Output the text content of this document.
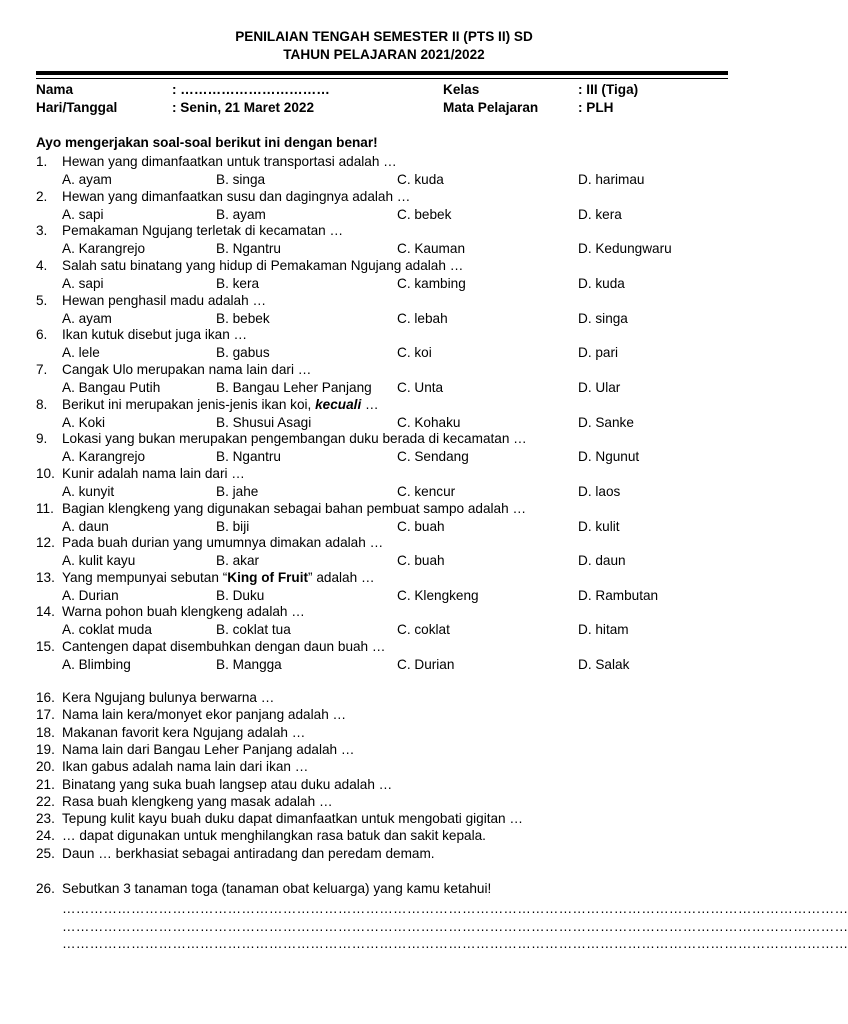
PENILAIAN TENGAH SEMESTER II (PTS II) SD
TAHUN PELAJARAN 2021/2022
Nama	: ……………………………
Hari/Tanggal	: Senin, 21 Maret 2022
Kelas	: III (Tiga)
Mata Pelajaran	: PLH
Ayo mengerjakan soal-soal berikut ini dengan benar!
1. Hewan yang dimanfaatkan untuk transportasi adalah …
A. ayam	B. singa	C. kuda	D. harimau
2. Hewan yang dimanfaatkan susu dan dagingnya adalah …
A. sapi	B. ayam	C. bebek	D. kera
3. Pemakaman Ngujang terletak di kecamatan …
A. Karangrejo	B. Ngantru	C. Kauman	D. Kedungwaru
4. Salah satu binatang yang hidup di Pemakaman Ngujang adalah …
A. sapi	B. kera	C. kambing	D. kuda
5. Hewan penghasil madu adalah …
A. ayam	B. bebek	C. lebah	D. singa
6. Ikan kutuk disebut juga ikan …
A. lele	B. gabus	C. koi	D. pari
7. Cangak Ulo merupakan nama lain dari …
A. Bangau Putih	B. Bangau Leher Panjang C. Unta	D. Ular
8. Berikut ini merupakan jenis-jenis ikan koi, kecuali …
A. Koki	B. Shusui Asagi	C. Kohaku	D. Sanke
9. Lokasi yang bukan merupakan pengembangan duku berada di kecamatan …
A. Karangrejo	B. Ngantru	C. Sendang	D. Ngunut
10. Kunir adalah nama lain dari …
A. kunyit	B. jahe	C. kencur	D. laos
11. Bagian klengkeng yang digunakan sebagai bahan pembuat sampo adalah …
A. daun	B. biji	C. buah	D. kulit
12. Pada buah durian yang umumnya dimakan adalah …
A. kulit kayu	B. akar	C. buah	D. daun
13. Yang mempunyai sebutan “King of Fruit” adalah …
A. Durian	B. Duku	C. Klengkeng	D. Rambutan
14. Warna pohon buah klengkeng adalah …
A. coklat muda	B. coklat tua	C. coklat	D. hitam
15. Cantengen dapat disembuhkan dengan daun buah …
A. Blimbing	B. Mangga	C. Durian	D. Salak
16. Kera Ngujang bulunya berwarna …
17. Nama lain kera/monyet ekor panjang adalah …
18. Makanan favorit kera Ngujang adalah …
19. Nama lain dari Bangau Leher Panjang adalah …
20. Ikan gabus adalah nama lain dari ikan …
21. Binatang yang suka buah langsep atau duku adalah …
22. Rasa buah klengkeng yang masak adalah …
23. Tepung kulit kayu buah duku dapat dimanfaatkan untuk mengobati gigitan …
24. … dapat digunakan untuk menghilangkan rasa batuk dan sakit kepala.
25. Daun … berkhasiat sebagai antiradang dan peredam demam.
26. Sebutkan 3 tanaman toga (tanaman obat keluarga) yang kamu ketahui!
………………………………………………………………………………………………………………………………………………………
………………………………………………………………………………………………………………………………………………………
………………………………………………………………………………………………………………………………………………………
